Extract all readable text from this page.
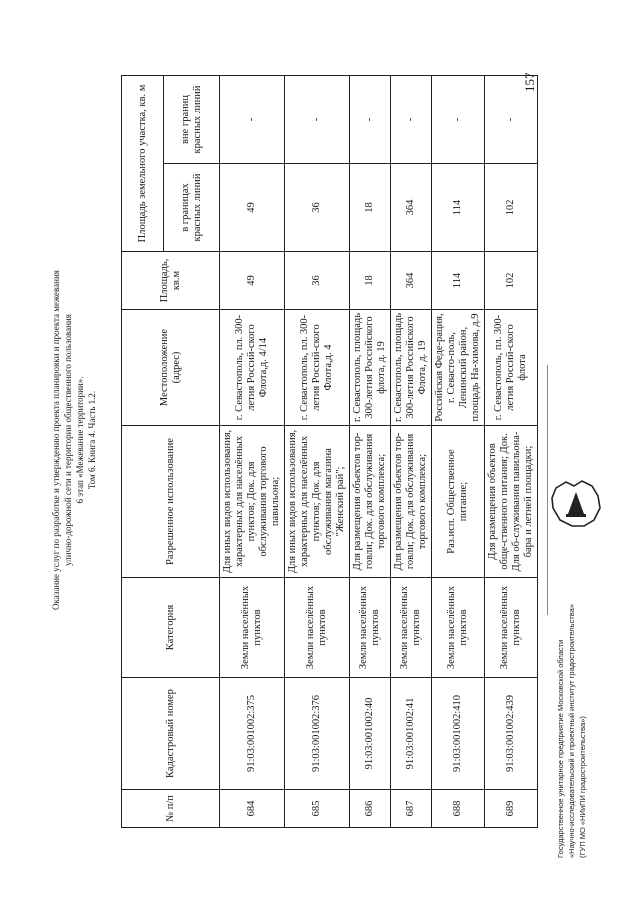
Оказание услуг по разработке и утверждению проекта планировки и проекта межевания улично-дорожной сети и территории общественного пользования 6 этап «Межевание территории». Том 6. Книга 4. Часть 1.2.
157
№ п/п	Кадастровый номер	Категория	Разрешенное использование	Местоположение (адрес)	Площадь, кв.м	Площадь земельного участка, кв. м	
						в границах красных линий	вне границ красных линий
684	91:03:001002:375	Земли населённых пунктов	Для иных видов использования, характерных для населённых пунктов; Док. для обслуживания торгового павильона;	г. Севастополь, пл. 300-летия Россий-ского Флота,д. 4/14	49	49	-
685	91:03:001002:376	Земли населённых пунктов	Для иных видов использования, характерных для населённых пунктов; Док. для обслуживания магазина "Женский рай";	г. Севастополь, пл. 300-летия Россий-ского Флота,д. 4	36	36	-
686	91:03:001002:40	Земли населённых пунктов	Для размещения объектов тор-говли; Док. для обслуживания торгового комплекса;	г. Севастополь, площадь 300-летия Российского флота, д. 19	18	18	-
687	91:03:001002:41	Земли населённых пунктов	Для размещения объектов тор-говли; Док. для обслуживания торгового комплекса;	г. Севастополь, площадь 300-летия Российского Флота, д. 19	364	364	-
688	91:03:001002:410	Земли населённых пунктов	Раз.исп. Общественное питание;	Российская Феде-рация, г. Севасто-поль, Ленинский район, площадь На-химова, д.9	114	114	-
689	91:03:001002:439	Земли населённых пунктов	Для размещения объектов обще-ственного питания; Док. Для об-служивания павильона-бара и летней площадки;	г. Севастополь, пл. 300-летия Россий-ского флота	102	102	-
Государственное унитарное предприятие Московской области «Научно-исследовательский и проектный институт градостроительства» (ГУП МО «НИиПИ градостроительства»)
